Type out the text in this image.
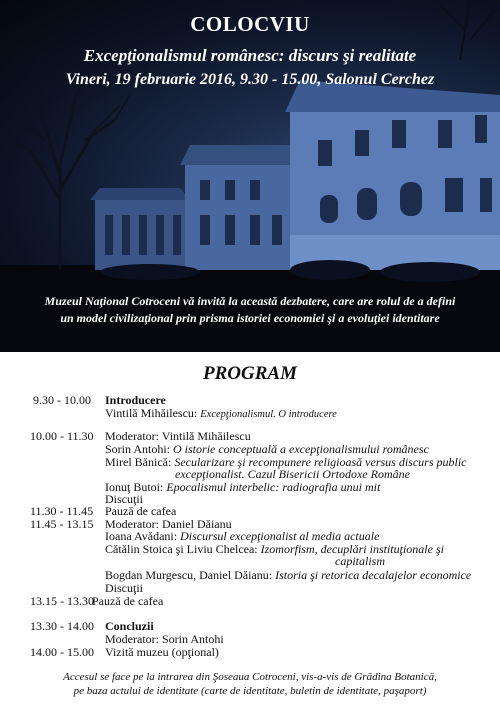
COLOCVIU
Excepţionalismul românesc: discurs şi realitate
Vineri, 19 februarie 2016, 9.30 - 15.00, Salonul Cerchez
Muzeul Naţional Cotroceni vă invită la această dezbatere, care are rolul de a defini
un model civilizaţional prin prisma istoriei economiei şi a evoluţiei identitare
PROGRAM
9.30 - 10.00 Introducere
Vintilă Mihăilescu: Excepţionalismul. O introducere
10.00 - 11.30 Moderator: Vintilă Mihăilescu
Sorin Antohi: O istorie conceptuală a excepţionalismului românesc
Mirel Bănică: Secularizare şi recompunere religioasă versus discurs public
excepţionalist. Cazul Bisericii Ortodoxe Române
Ionuţ Butoi: Epocalismul interbelic: radiografia unui mit
Discuţii
11.30 - 11.45 Pauză de cafea
11.45 - 13.15 Moderator: Daniel Dăianu
Ioana Avădani: Discursul excepţionalist al media actuale
Cătălin Stoica şi Liviu Chelcea: Izomorfism, decuplări instituţionale şi
capitalism
Bogdan Murgescu, Daniel Dăianu: Istoria şi retorica decalajelor economice
Discuţii
13.15 - 13.30
Pauză de cafea
13.30 - 14.00 Concluzii
Moderator: Sorin Antohi
14.00 - 15.00 Vizită muzeu (opţional)
Accesul se face pe la intrarea din Şoseaua Cotroceni, vis-a-vis de Grădina Botanică,
pe baza actului de identitate (carte de identitate, buletin de identitate, paşaport)
